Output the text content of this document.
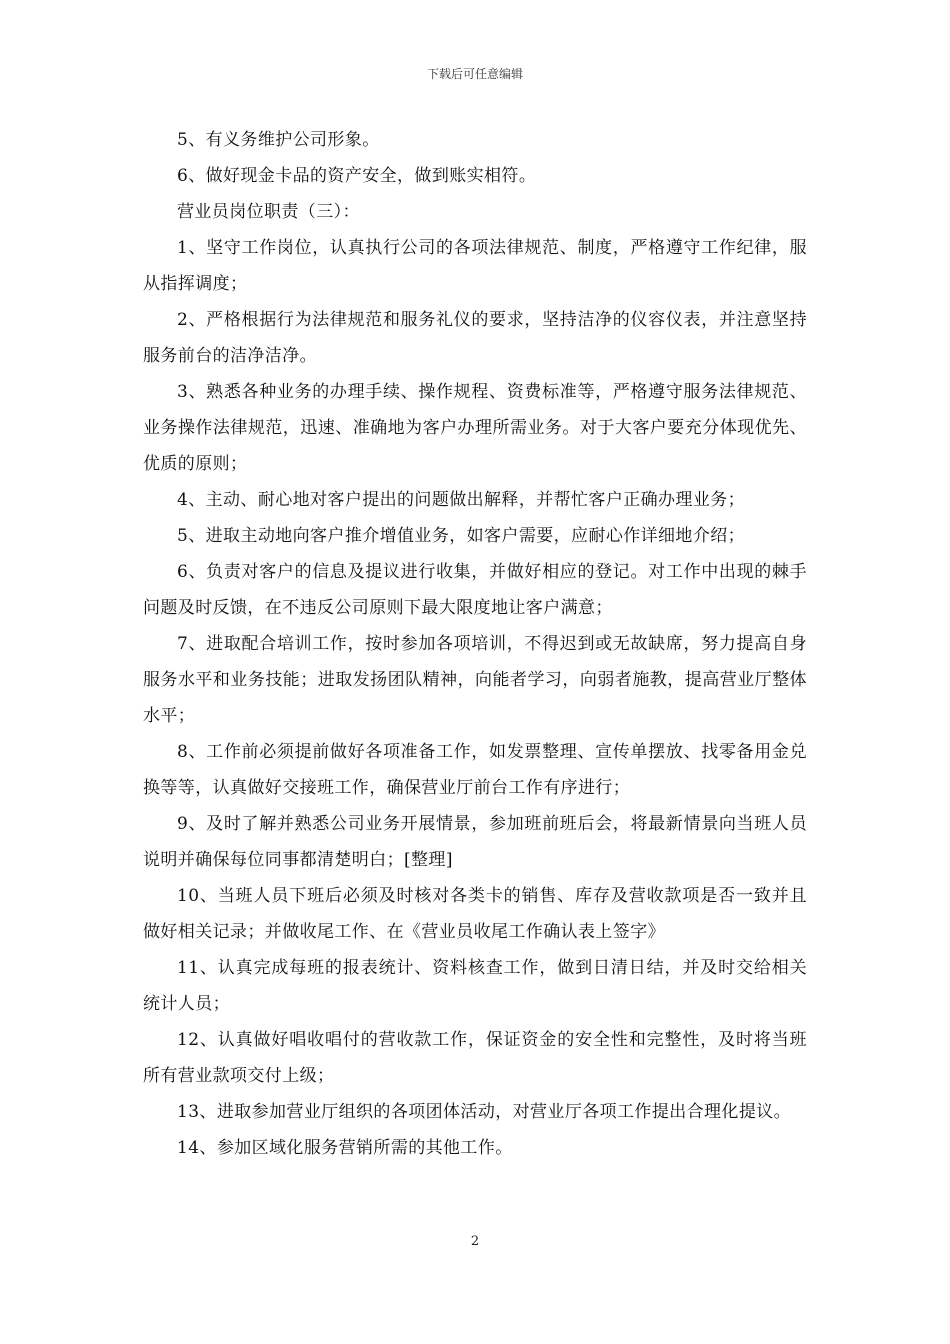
下载后可任意编辑

5、有义务维护公司形象。

6、做好现金卡品的资产安全，做到账实相符。

营业员岗位职责（三）：

1、坚守工作岗位，认真执行公司的各项法律规范、制度，严格遵守工作纪律，服从指挥调度；

2、严格根据行为法律规范和服务礼仪的要求，坚持洁净的仪容仪表，并注意坚持服务前台的洁净洁净。

3、熟悉各种业务的办理手续、操作规程、资费标准等，严格遵守服务法律规范、业务操作法律规范，迅速、准确地为客户办理所需业务。对于大客户要充分体现优先、优质的原则；

4、主动、耐心地对客户提出的问题做出解释，并帮忙客户正确办理业务；

5、进取主动地向客户推介增值业务，如客户需要，应耐心作详细地介绍；

6、负责对客户的信息及提议进行收集，并做好相应的登记。对工作中出现的棘手问题及时反馈，在不违反公司原则下最大限度地让客户满意；

7、进取配合培训工作，按时参加各项培训，不得迟到或无故缺席，努力提高自身服务水平和业务技能；进取发扬团队精神，向能者学习，向弱者施教，提高营业厅整体水平；

8、工作前必须提前做好各项准备工作，如发票整理、宣传单摆放、找零备用金兑换等等，认真做好交接班工作，确保营业厅前台工作有序进行；

9、及时了解并熟悉公司业务开展情景，参加班前班后会，将最新情景向当班人员说明并确保每位同事都清楚明白；[整理]

10、当班人员下班后必须及时核对各类卡的销售、库存及营收款项是否一致并且做好相关记录；并做收尾工作、在《营业员收尾工作确认表上签字》

11、认真完成每班的报表统计、资料核查工作，做到日清日结，并及时交给相关统计人员；

12、认真做好唱收唱付的营收款工作，保证资金的安全性和完整性，及时将当班所有营业款项交付上级；

13、进取参加营业厅组织的各项团体活动，对营业厅各项工作提出合理化提议。

14、参加区域化服务营销所需的其他工作。

2
